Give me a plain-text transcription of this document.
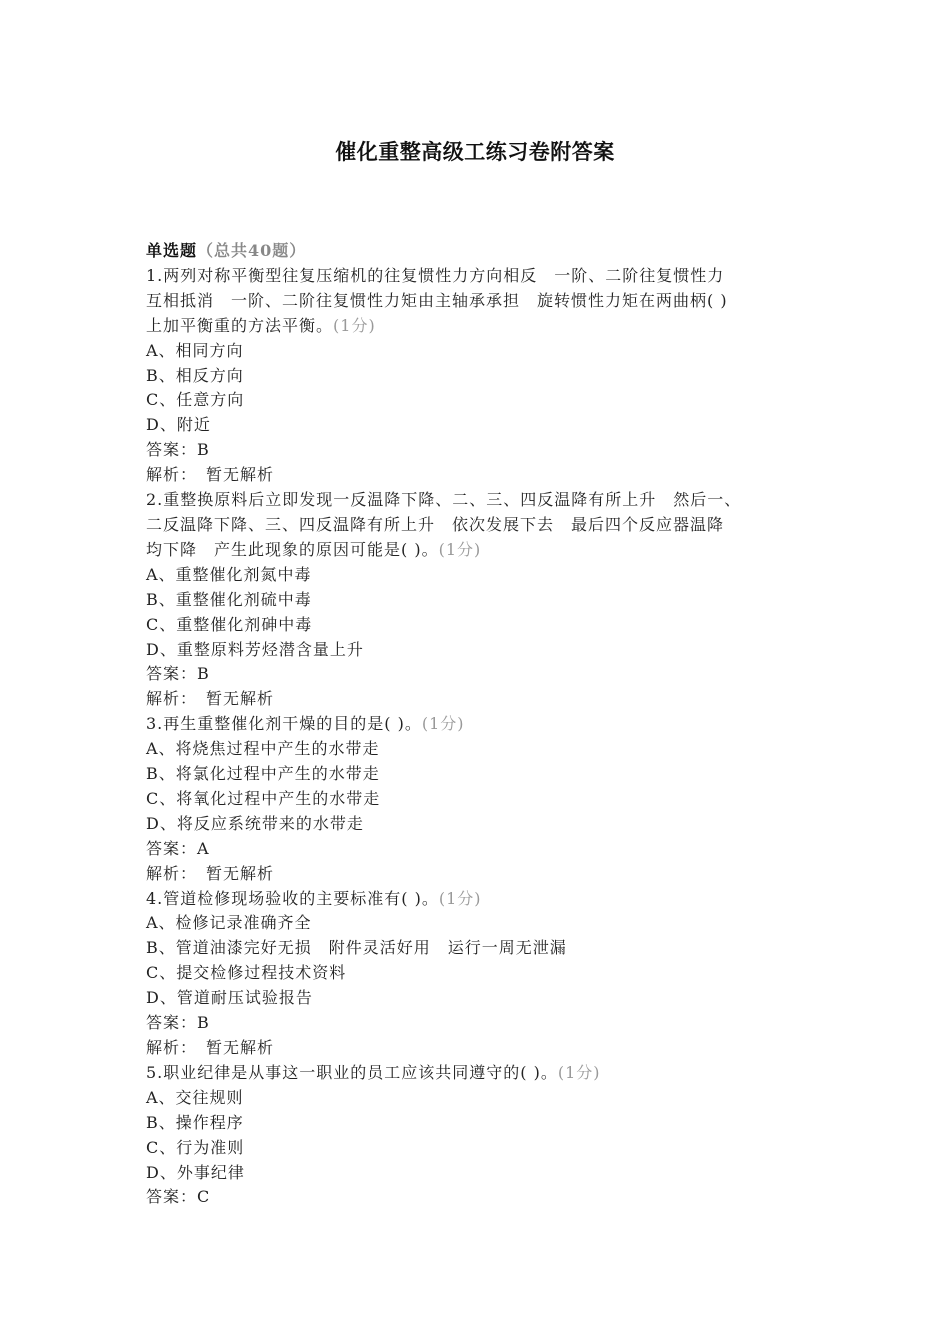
催化重整高级工练习卷附答案
单选题（总共40题）
1.两列对称平衡型往复压缩机的往复惯性力方向相反　一阶、二阶往复惯性力
互相抵消　一阶、二阶往复惯性力矩由主轴承承担　旋转惯性力矩在两曲柄( )
上加平衡重的方法平衡。(1分)
A、相同方向
B、相反方向
C、任意方向
D、附近
答案：B
解析：　暂无解析
2.重整换原料后立即发现一反温降下降、二、三、四反温降有所上升　然后一、
二反温降下降、三、四反温降有所上升　依次发展下去　最后四个反应器温降
均下降　产生此现象的原因可能是( )。(1分)
A、重整催化剂氮中毒
B、重整催化剂硫中毒
C、重整催化剂砷中毒
D、重整原料芳烃潜含量上升
答案：B
解析：　暂无解析
3.再生重整催化剂干燥的目的是( )。(1分)
A、将烧焦过程中产生的水带走
B、将氯化过程中产生的水带走
C、将氧化过程中产生的水带走
D、将反应系统带来的水带走
答案：A
解析：　暂无解析
4.管道检修现场验收的主要标准有( )。(1分)
A、检修记录准确齐全
B、管道油漆完好无损　附件灵活好用　运行一周无泄漏
C、提交检修过程技术资料
D、管道耐压试验报告
答案：B
解析：　暂无解析
5.职业纪律是从事这一职业的员工应该共同遵守的( )。(1分)
A、交往规则
B、操作程序
C、行为准则
D、外事纪律
答案：C
